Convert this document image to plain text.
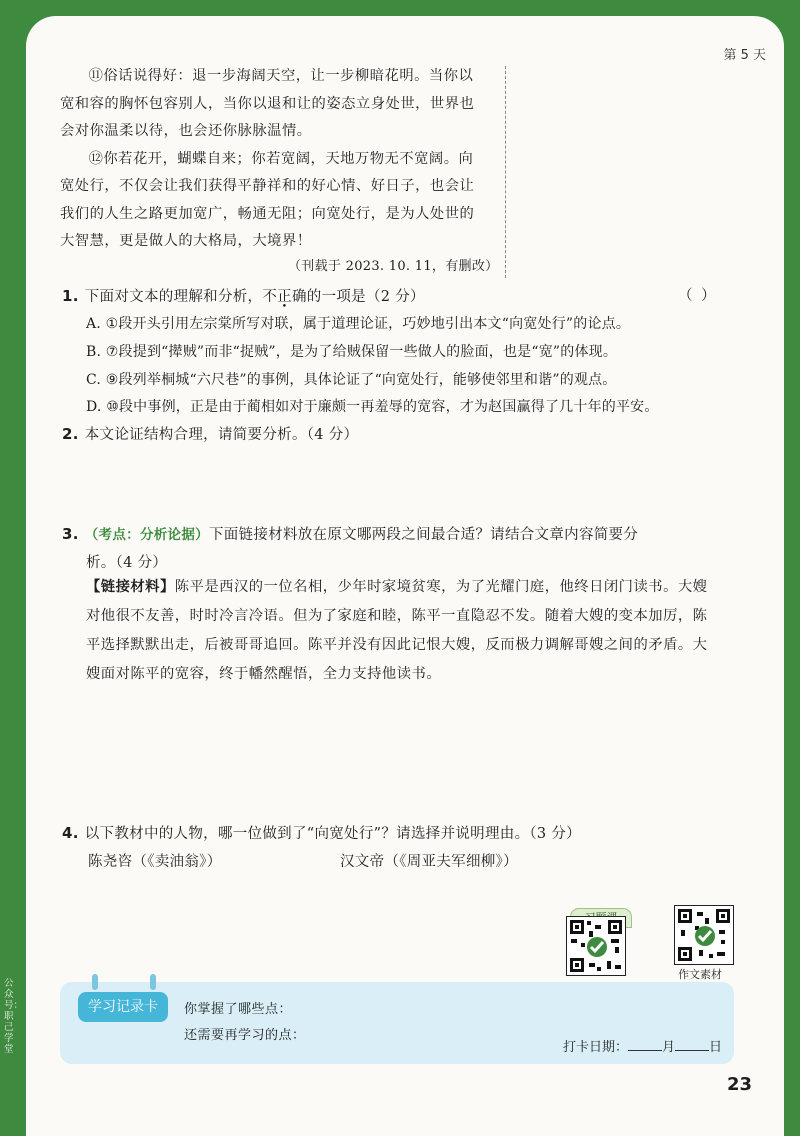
第 5 天

⑪俗话说得好：退一步海阔天空，让一步柳暗花明。当你以宽和容的胸怀包容别人，当你以退和让的姿态立身处世，世界也会对你温柔以待，也会还你脉脉温情。

⑫你若花开，蝴蝶自来；你若宽阔，天地万物无不宽阔。向宽处行，不仅会让我们获得平静祥和的好心情、好日子，也会让我们的人生之路更加宽广，畅通无阻；向宽处行，是为人处世的大智慧，更是做人的大格局，大境界！

（刊载于 2023. 10. 11，有删改）
1. 下面对文本的理解和分析，不正确的一项是（2 分）	（ ）
A. ①段开头引用左宗棠所写对联，属于道理论证，巧妙地引出本文“向宽处行”的论点。
B. ⑦段提到“撵贼”而非“捉贼”，是为了给贼保留一些做人的脸面，也是“宽”的体现。
C. ⑨段列举桐城“六尺巷”的事例，具体论证了“向宽处行，能够使邻里和谐”的观点。
D. ⑩段中事例，正是由于蔺相如对于廉颇一再羞辱的宽容，才为赵国赢得了几十年的平安。
2. 本文论证结构合理，请简要分析。（4 分）
3. （考点：分析论据）下面链接材料放在原文哪两段之间最合适？请结合文章内容简要分
析。（4 分）
【链接材料】陈平是西汉的一位名相，少年时家境贫寒，为了光耀门庭，他终日闭门读书。大嫂对他很不友善，时时冷言冷语。但为了家庭和睦，陈平一直隐忍不发。随着大嫂的变本加厉，陈平选择默默出走，后被哥哥追回。陈平并没有因此记恨大嫂，反而极力调解哥嫂之间的矛盾。大嫂面对陈平的宽容，终于幡然醒悟，全力支持他读书。
4. 以下教材中的人物，哪一位做到了“向宽处行”？请选择并说明理由。（3 分）
陈尧咨（《卖油翁》）	汉文帝（《周亚夫军细柳》）
作文素材
学习记录卡	你掌握了哪些点：
还需要再学习的点：
打卡日期：	月	日
23
公众号：职己学堂
